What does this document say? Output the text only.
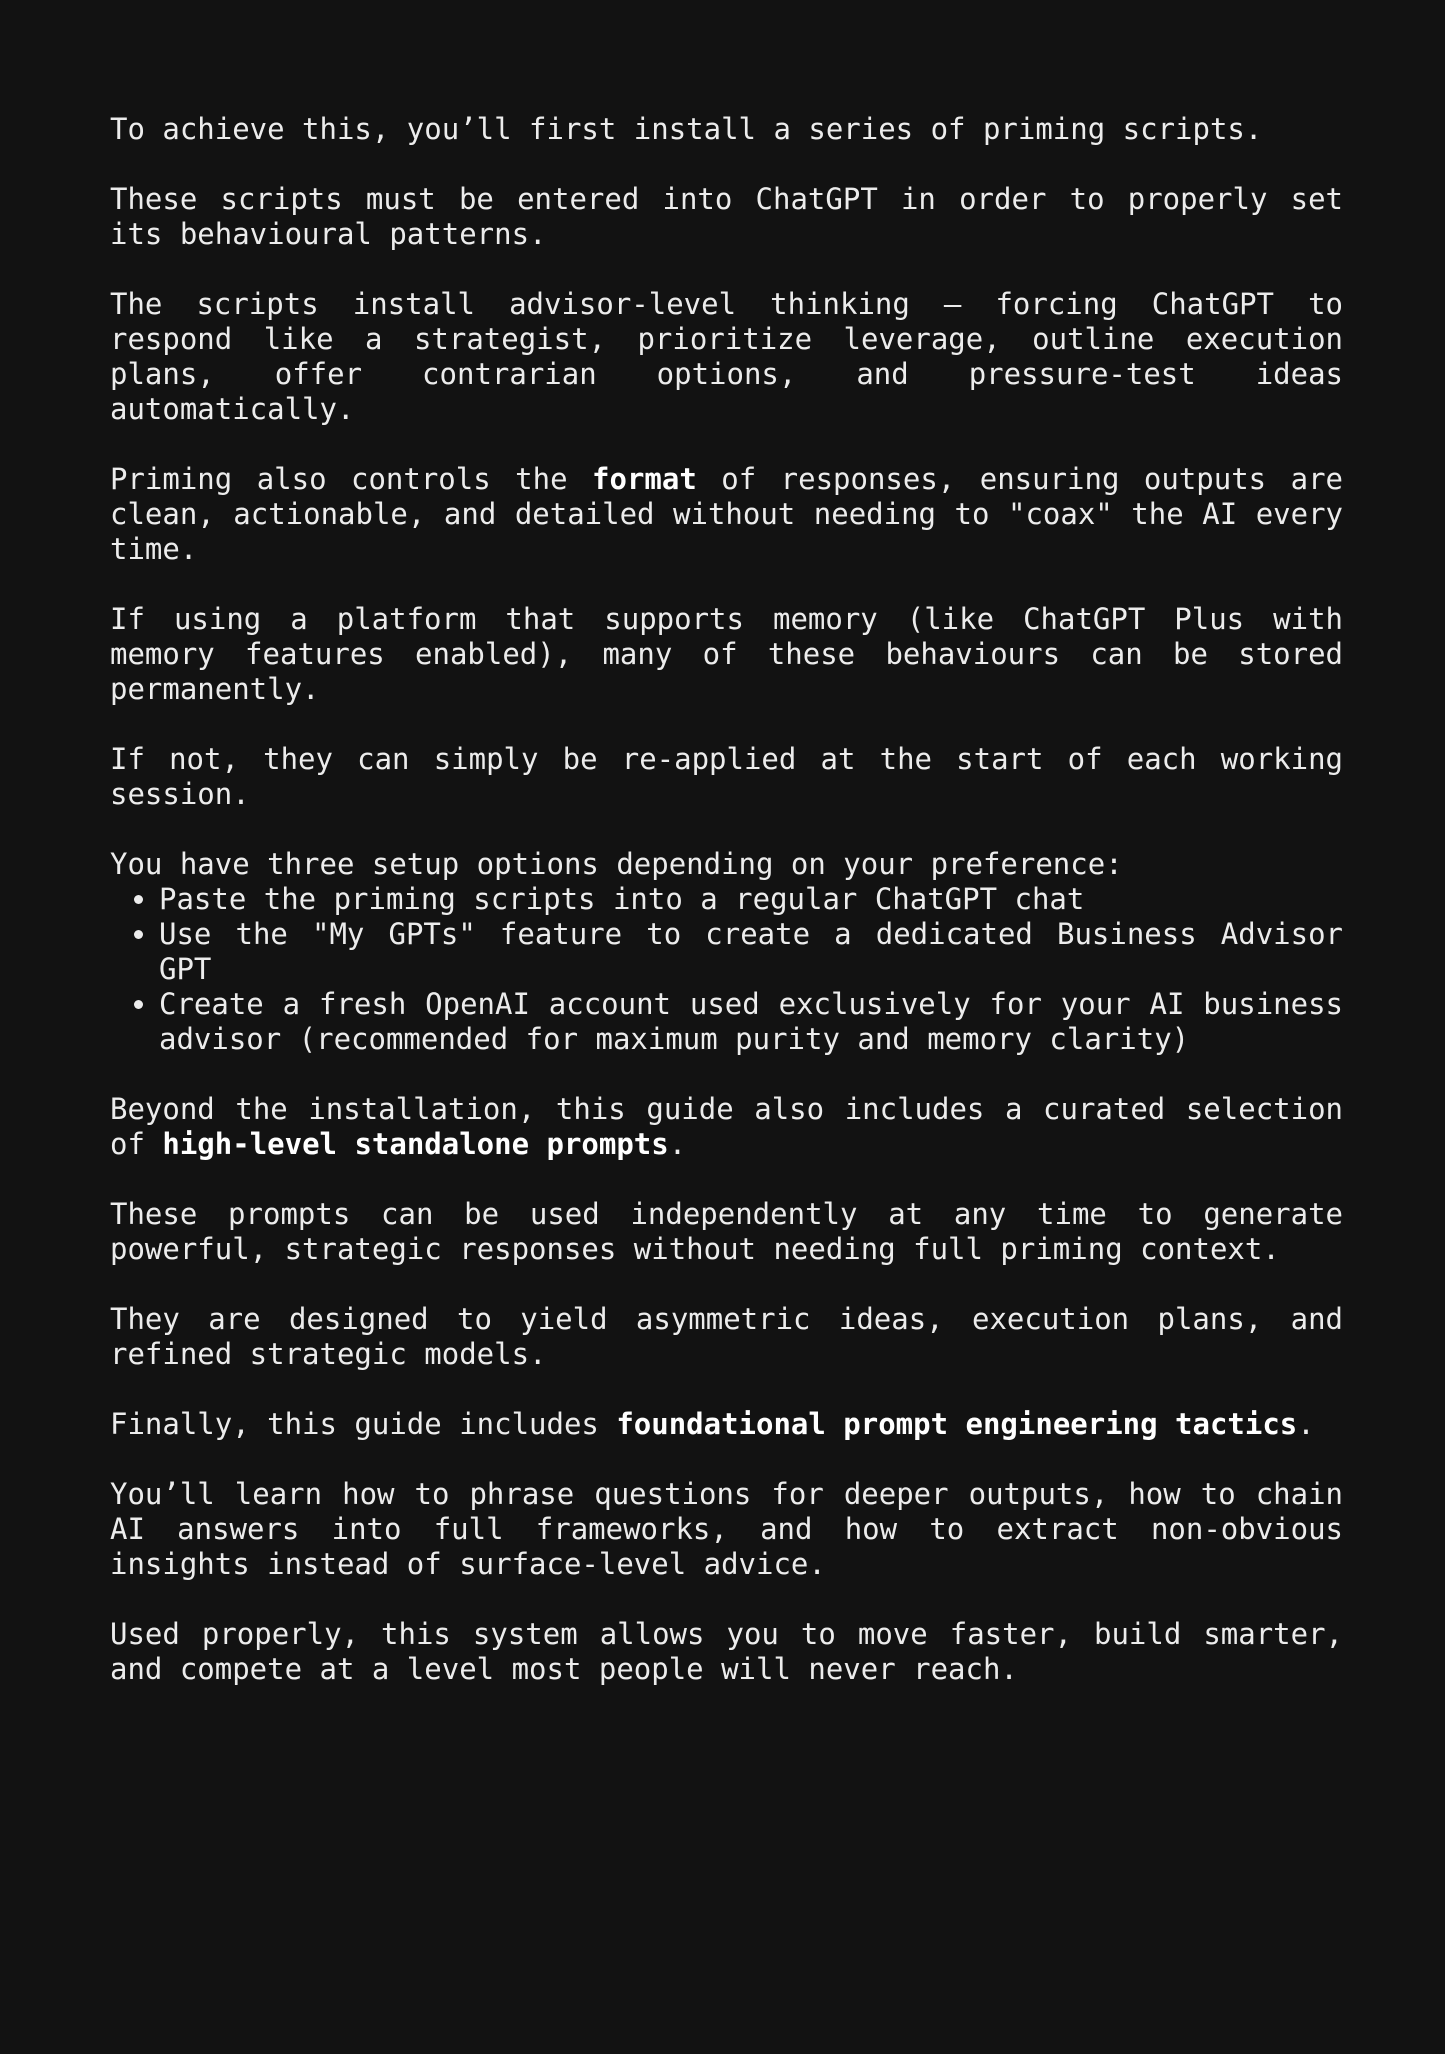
To achieve this, you’ll first install a series of priming scripts.

These scripts must be entered into ChatGPT in order to properly set its behavioural patterns.

The scripts install advisor-level thinking — forcing ChatGPT to respond like a strategist, prioritize leverage, outline execution plans, offer contrarian options, and pressure-test ideas automatically.

Priming also controls the format of responses, ensuring outputs are clean, actionable, and detailed without needing to "coax" the AI every time.

If using a platform that supports memory (like ChatGPT Plus with memory features enabled), many of these behaviours can be stored permanently.

If not, they can simply be re-applied at the start of each working session.

You have three setup options depending on your preference:

• Paste the priming scripts into a regular ChatGPT chat
• Use the "My GPTs" feature to create a dedicated Business Advisor GPT
• Create a fresh OpenAI account used exclusively for your AI business advisor (recommended for maximum purity and memory clarity)

Beyond the installation, this guide also includes a curated selection of high-level standalone prompts.

These prompts can be used independently at any time to generate powerful, strategic responses without needing full priming context.

They are designed to yield asymmetric ideas, execution plans, and refined strategic models.

Finally, this guide includes foundational prompt engineering tactics.

You’ll learn how to phrase questions for deeper outputs, how to chain AI answers into full frameworks, and how to extract non-obvious insights instead of surface-level advice.

Used properly, this system allows you to move faster, build smarter, and compete at a level most people will never reach.
